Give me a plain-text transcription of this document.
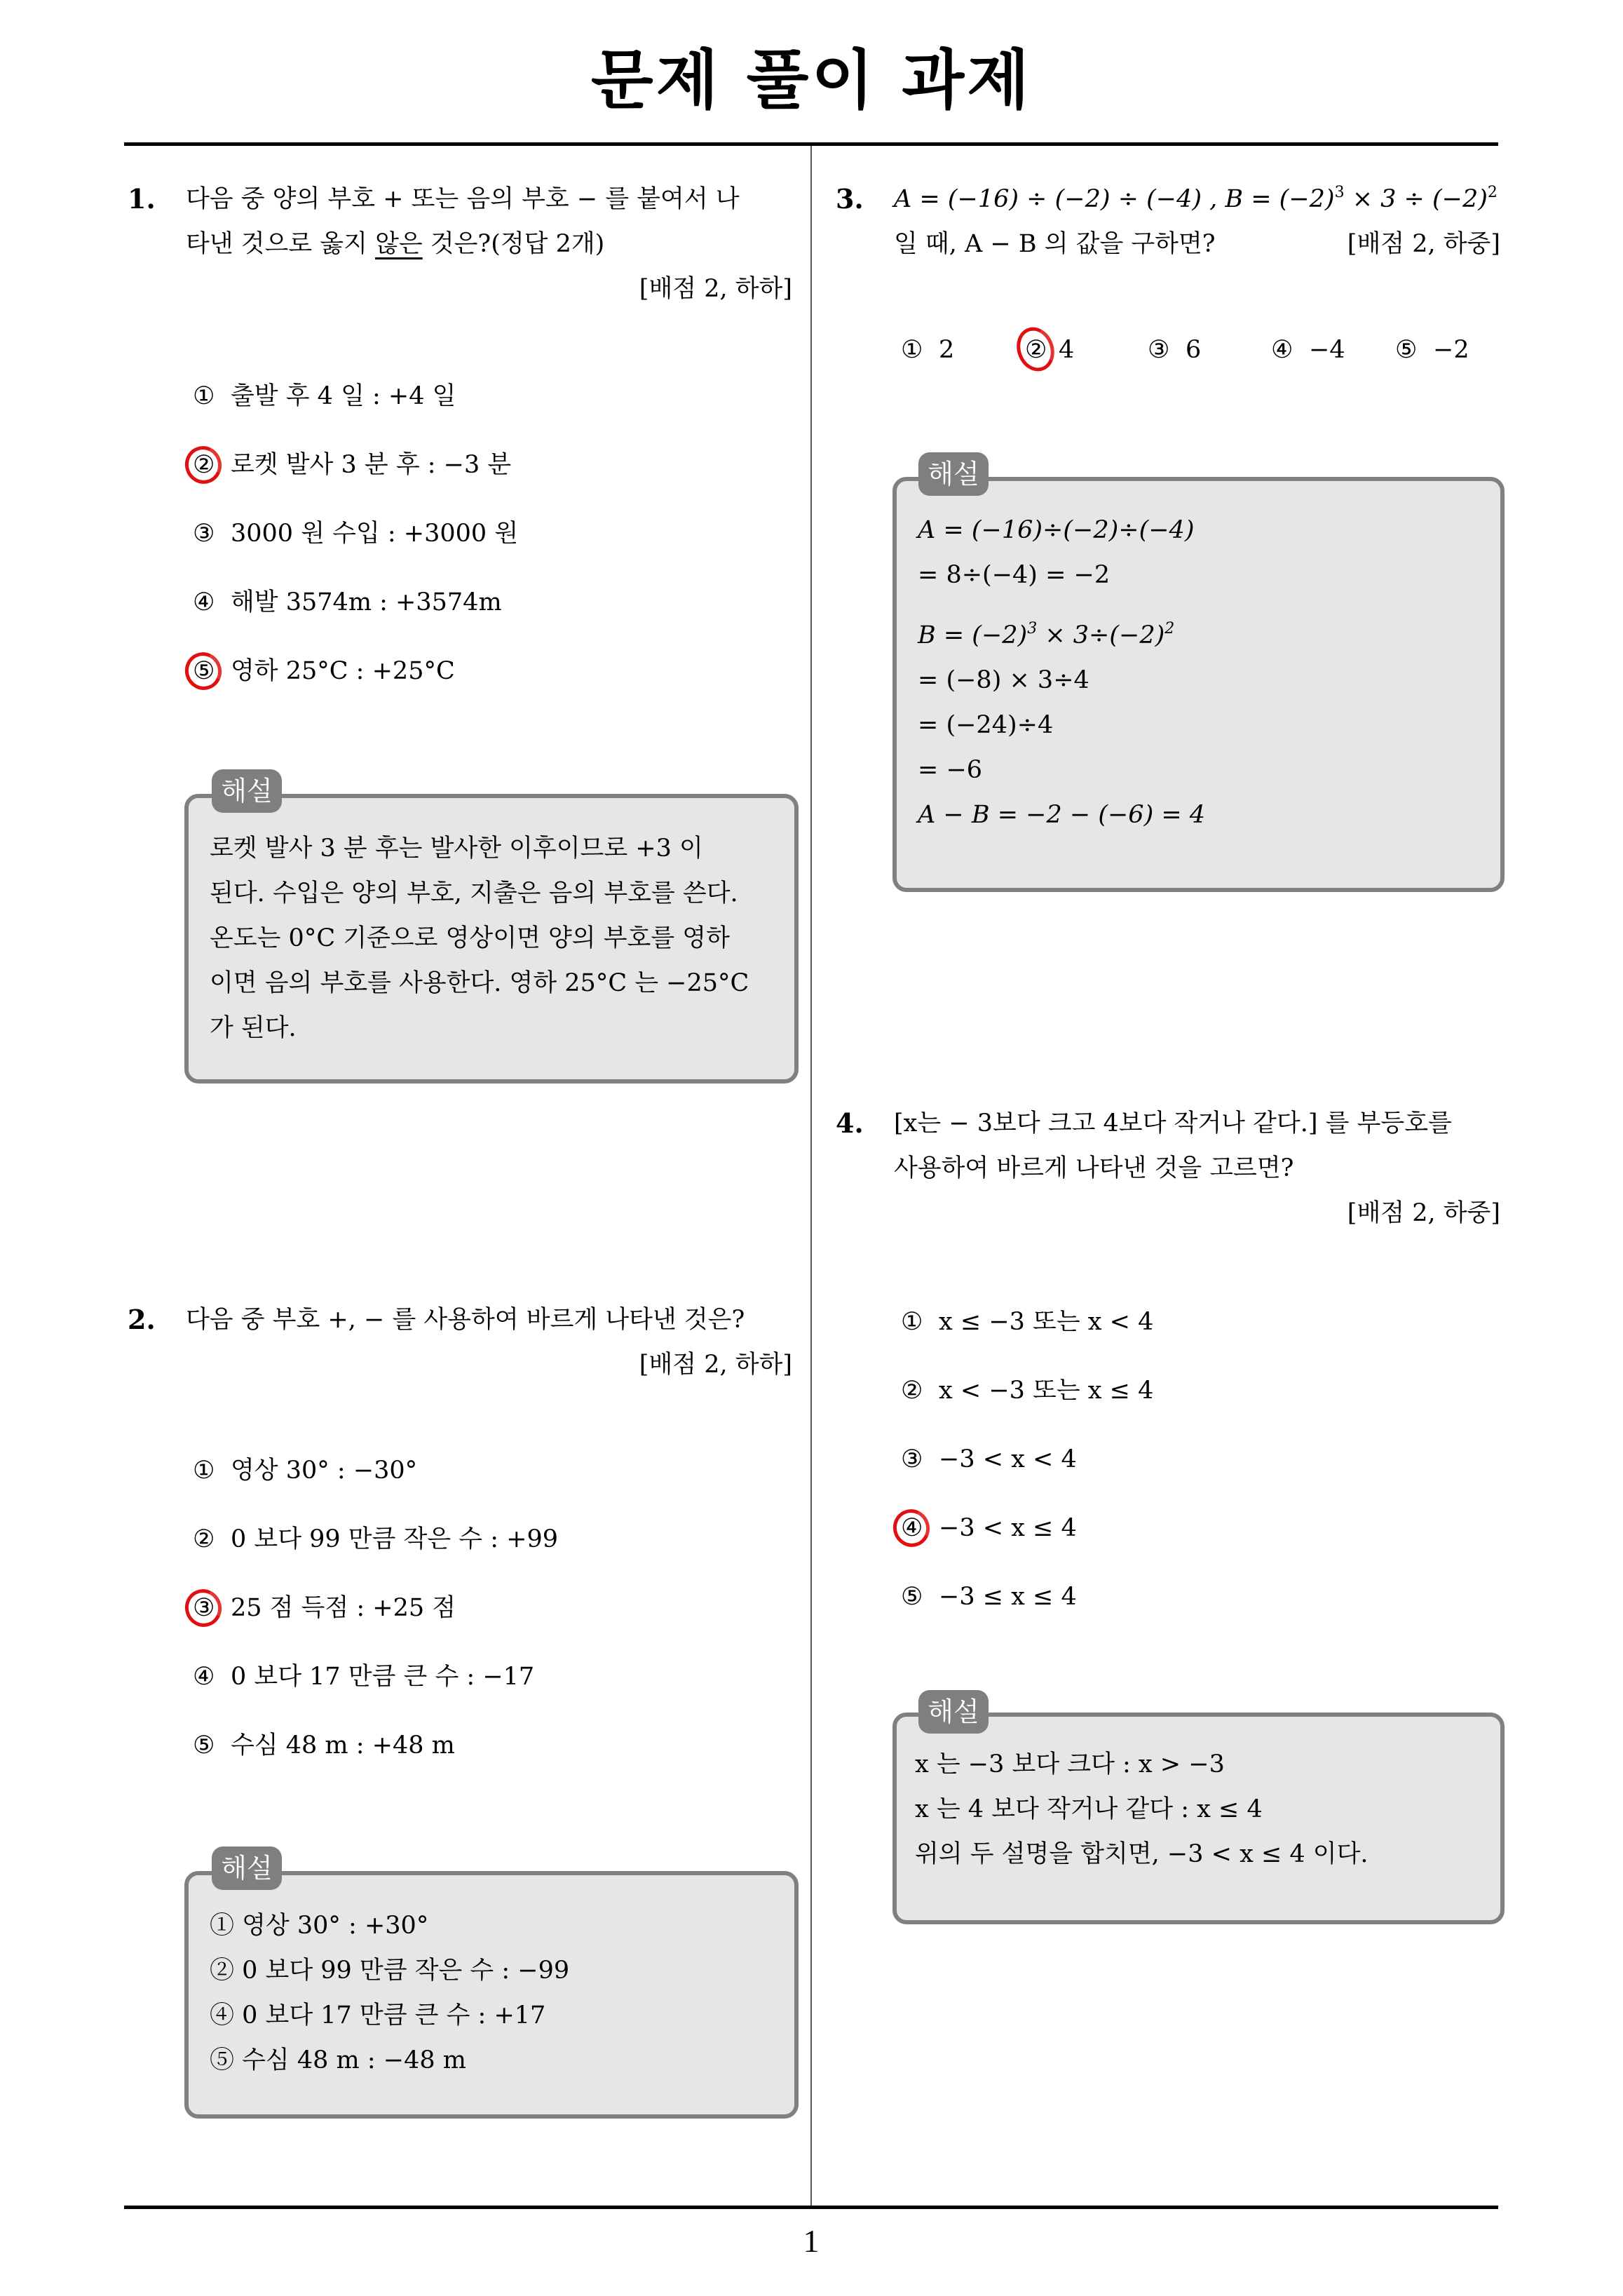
문제 풀이 과제
1. 다음 중 양의 부호 + 또는 음의 부호 − 를 붙여서 나
타낸 것으로 옳지 않은 것은?(정답 2개)
[배점 2, 하하]
① 출발 후 4 일 : +4 일
② 로켓 발사 3 분 후 : −3 분
③ 3000 원 수입 : +3000 원
④ 해발 3574m : +3574m
⑤ 영하 25°C : +25°C
로켓 발사 3 분 후는 발사한 이후이므로 +3 이
된다. 수입은 양의 부호, 지출은 음의 부호를 쓴다.
온도는 0°C 기준으로 영상이면 양의 부호를 영하
이면 음의 부호를 사용한다. 영하 25°C 는 −25°C
가 된다.
해설
2. 다음 중 부호 +, − 를 사용하여 바르게 나타낸 것은?
[배점 2, 하하]
① 영상 30° : −30°
② 0 보다 99 만큼 작은 수 : +99
③ 25 점 득점 : +25 점
④ 0 보다 17 만큼 큰 수 : −17
⑤ 수심 48 m : +48 m
① 영상 30° : +30°
② 0 보다 99 만큼 작은 수 : −99
④ 0 보다 17 만큼 큰 수 : +17
⑤ 수심 48 m : −48 m
해설
3. A = (−16) ÷ (−2) ÷ (−4) , $B = (-2)^3 \times 3 \div (-2)^2$
일 때, A − B 의 값을 구하면?	[배점 2, 하중]
① 2	② 4	③ 6	④ −4 ⑤ −2
A = (−16)÷(−2)÷(−4)
= 8÷(−4) = −2
$B = (-2)^3 \times 3\div(-2)^2$
= (−8) × 3÷4
= (−24)÷4
= −6
A − B = −2 − (−6) = 4
해설
4. [x는 − 3보다 크고 4보다 작거나 같다.] 를 부등호를
사용하여 바르게 나타낸 것을 고르면?
[배점 2, 하중]
① x ≤ −3 또는 x < 4
② x < −3 또는 x ≤ 4
③ −3 < x < 4
④ −3 < x ≤ 4
⑤ −3 ≤ x ≤ 4
x 는 −3 보다 크다 : x > −3
x 는 4 보다 작거나 같다 : x ≤ 4
위의 두 설명을 합치면, −3 < x ≤ 4 이다.
해설
1
